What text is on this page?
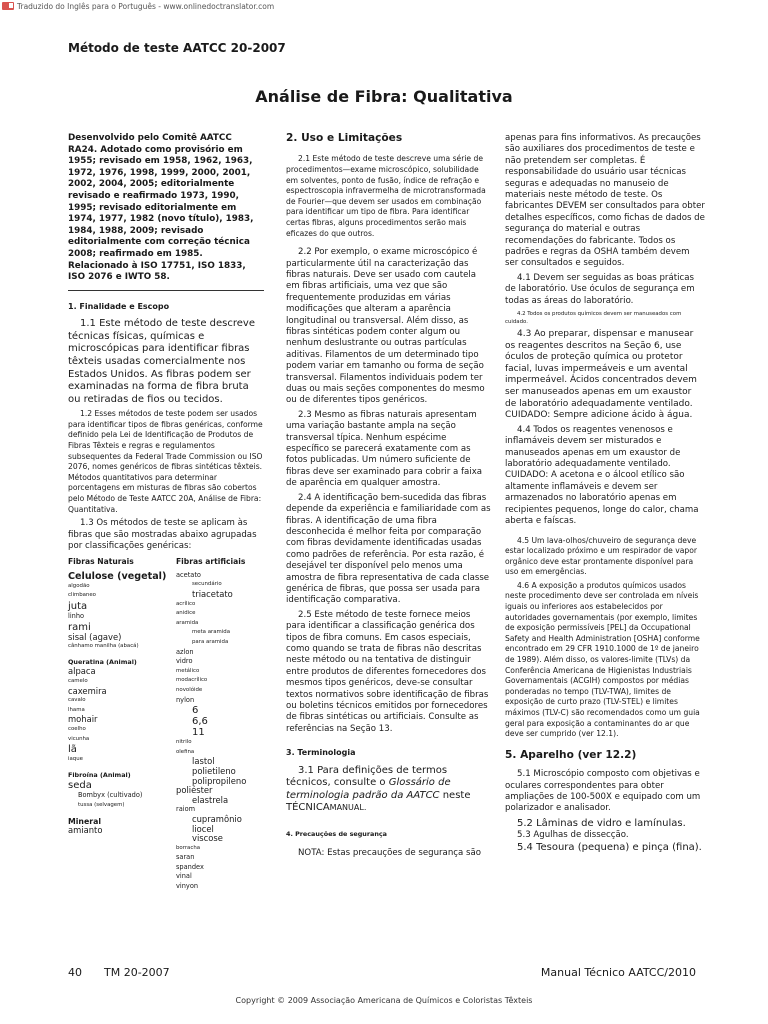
Traduzido do Inglês para o Português - www.onlinedoctranslator.com
Método de teste AATCC 20-2007
Análise de Fibra: Qualitativa

Desenvolvido pelo Comitê AATCC RA24. Adotado como provisório em 1955; revisado em 1958, 1962, 1963, 1972, 1976, 1998, 1999, 2000, 2001, 2002, 2004, 2005; editorialmente revisado e reafirmado 1973, 1990, 1995; revisado editorialmente em 1974, 1977, 1982 (novo título), 1983, 1984, 1988, 2009; revisado editorialmente com correção técnica 2008; reafirmado em 1985. Relacionado à ISO 17751, ISO 1833, ISO 2076 e IWTO 58.

1. Finalidade e Escopo

1.1 Este método de teste descreve técnicas físicas, químicas e microscópicas para identificar fibras têxteis usadas comercialmente nos Estados Unidos. As fibras podem ser examinadas na forma de fibra bruta ou retiradas de fios ou tecidos.

1.2 Esses métodos de teste podem ser usados para identificar tipos de fibras genéricas, conforme definido pela Lei de Identificação de Produtos de Fibras Têxteis e regras e regulamentos subsequentes da Federal Trade Commission ou ISO 2076, nomes genéricos de fibras sintéticas têxteis. Métodos quantitativos para determinar porcentagens em misturas de fibras são cobertos pelo Método de Teste AATCC 20A, Análise de Fibra: Quantitativa.

1.3 Os métodos de teste se aplicam às fibras que são mostradas abaixo agrupadas por classificações genéricas:

Fibras Naturais
Celulose (vegetal)
algodão
climbaneo
juta
linho
rami
sisal (agave)
cânhamo manilha (abacá)
Queratina (Animal)
alpaca
camelo
caxemira
cavalo
lhama
mohair
coelho
vicunha
lã
iaque
Fibroína (Animal)
seda
Bombyx (cultivado)
tussa (selvagem)
Mineral
amianto
Fibras artificiais
acetato
secundário
triacetato
acrílico
anidice
aramida
meta aramida
para aramida
azlon
vidro
metálico
modacrílico
novolóide
nylon
6
6,6
11
nitrilo
olefina
lastol
polietileno
polipropileno
poliéster
elastrela
raiom
cupramônio
liocel
viscose
borracha
saran
spandex
vinal
vinyon
2. Uso e Limitações

2.1 Este método de teste descreve uma série de procedimentos—exame microscópico, solubilidade em solventes, ponto de fusão, índice de refração e espectroscopia infravermelha de microtransformada de Fourier—que devem ser usados em combinação para identificar um tipo de fibra. Para identificar certas fibras, alguns procedimentos serão mais eficazes do que outros.

2.2 Por exemplo, o exame microscópico é particularmente útil na caracterização das fibras naturais. Deve ser usado com cautela em fibras artificiais, uma vez que são frequentemente produzidas em várias modificações que alteram a aparência longitudinal ou transversal. Além disso, as fibras sintéticas podem conter algum ou nenhum deslustrante ou outras partículas aditivas. Filamentos de um determinado tipo podem variar em tamanho ou forma de seção transversal. Filamentos individuais podem ter duas ou mais seções componentes do mesmo ou de diferentes tipos genéricos.

2.3 Mesmo as fibras naturais apresentam uma variação bastante ampla na seção transversal típica. Nenhum espécime específico se parecerá exatamente com as fotos publicadas. Um número suficiente de fibras deve ser examinado para cobrir a faixa de aparência em qualquer amostra.

2.4 A identificação bem-sucedida das fibras depende da experiência e familiaridade com as fibras. A identificação de uma fibra desconhecida é melhor feita por comparação com fibras devidamente identificadas usadas como padrões de referência. Por esta razão, é desejável ter disponível pelo menos uma amostra de fibra representativa de cada classe genérica de fibras, que possa ser usada para identificação comparativa.

2.5 Este método de teste fornece meios para identificar a classificação genérica dos tipos de fibra comuns. Em casos especiais, como quando se trata de fibras não descritas neste método ou na tentativa de distinguir entre produtos de diferentes fornecedores dos mesmos tipos genéricos, deve-se consultar textos normativos sobre identificação de fibras ou boletins técnicos emitidos por fornecedores de fibras sintéticas ou artificiais. Consulte as referências na Seção 13.

3. Terminologia

3.1 Para definições de termos técnicos, consulte o Glossário de terminologia padrão da AATCC neste TÉCNICAMANUAL.

4. Precauções de segurança

NOTA: Estas precauções de segurança são

apenas para fins informativos. As precauções são auxiliares dos procedimentos de teste e não pretendem ser completas. É responsabilidade do usuário usar técnicas seguras e adequadas no manuseio de materiais neste método de teste. Os fabricantes DEVEM ser consultados para obter detalhes específicos, como fichas de dados de segurança do material e outras recomendações do fabricante. Todos os padrões e regras da OSHA também devem ser consultados e seguidos.

4.1 Devem ser seguidas as boas práticas de laboratório. Use óculos de segurança em todas as áreas do laboratório.

4.2 Todos os produtos químicos devem ser manuseados com cuidado.

4.3 Ao preparar, dispensar e manusear os reagentes descritos na Seção 6, use óculos de proteção química ou protetor facial, luvas impermeáveis e um avental impermeável. Ácidos concentrados devem ser manuseados apenas em um exaustor de laboratório adequadamente ventilado. CUIDADO: Sempre adicione ácido à água.

4.4 Todos os reagentes venenosos e inflamáveis devem ser misturados e manuseados apenas em um exaustor de laboratório adequadamente ventilado. CUIDADO: A acetona e o álcool etílico são altamente inflamáveis e devem ser armazenados no laboratório apenas em recipientes pequenos, longe do calor, chama aberta e faíscas.

4.5 Um lava-olhos/chuveiro de segurança deve estar localizado próximo e um respirador de vapor orgânico deve estar prontamente disponível para uso em emergências.

4.6 A exposição a produtos químicos usados neste procedimento deve ser controlada em níveis iguais ou inferiores aos estabelecidos por autoridades governamentais (por exemplo, limites de exposição permissíveis [PEL] da Occupational Safety and Health Administration [OSHA] conforme encontrado em 29 CFR 1910.1000 de 1º de janeiro de 1989). Além disso, os valores-limite (TLVs) da Conferência Americana de Higienistas Industriais Governamentais (ACGIH) compostos por médias ponderadas no tempo (TLV-TWA), limites de exposição de curto prazo (TLV-STEL) e limites máximos (TLV-C) são recomendados como um guia geral para exposição a contaminantes do ar que deve ser cumprido (ver 12.1).

5. Aparelho (ver 12.2)

5.1 Microscópio composto com objetivas e oculares correspondentes para obter ampliações de 100-500X e equipado com um polarizador e analisador.

5.2 Lâminas de vidro e lamínulas.

5.3 Agulhas de dissecção.

5.4 Tesoura (pequena) e pinça (fina).

40 TM 20-2007	Manual Técnico AATCC/2010
Copyright © 2009 Associação Americana de Químicos e Coloristas Têxteis
